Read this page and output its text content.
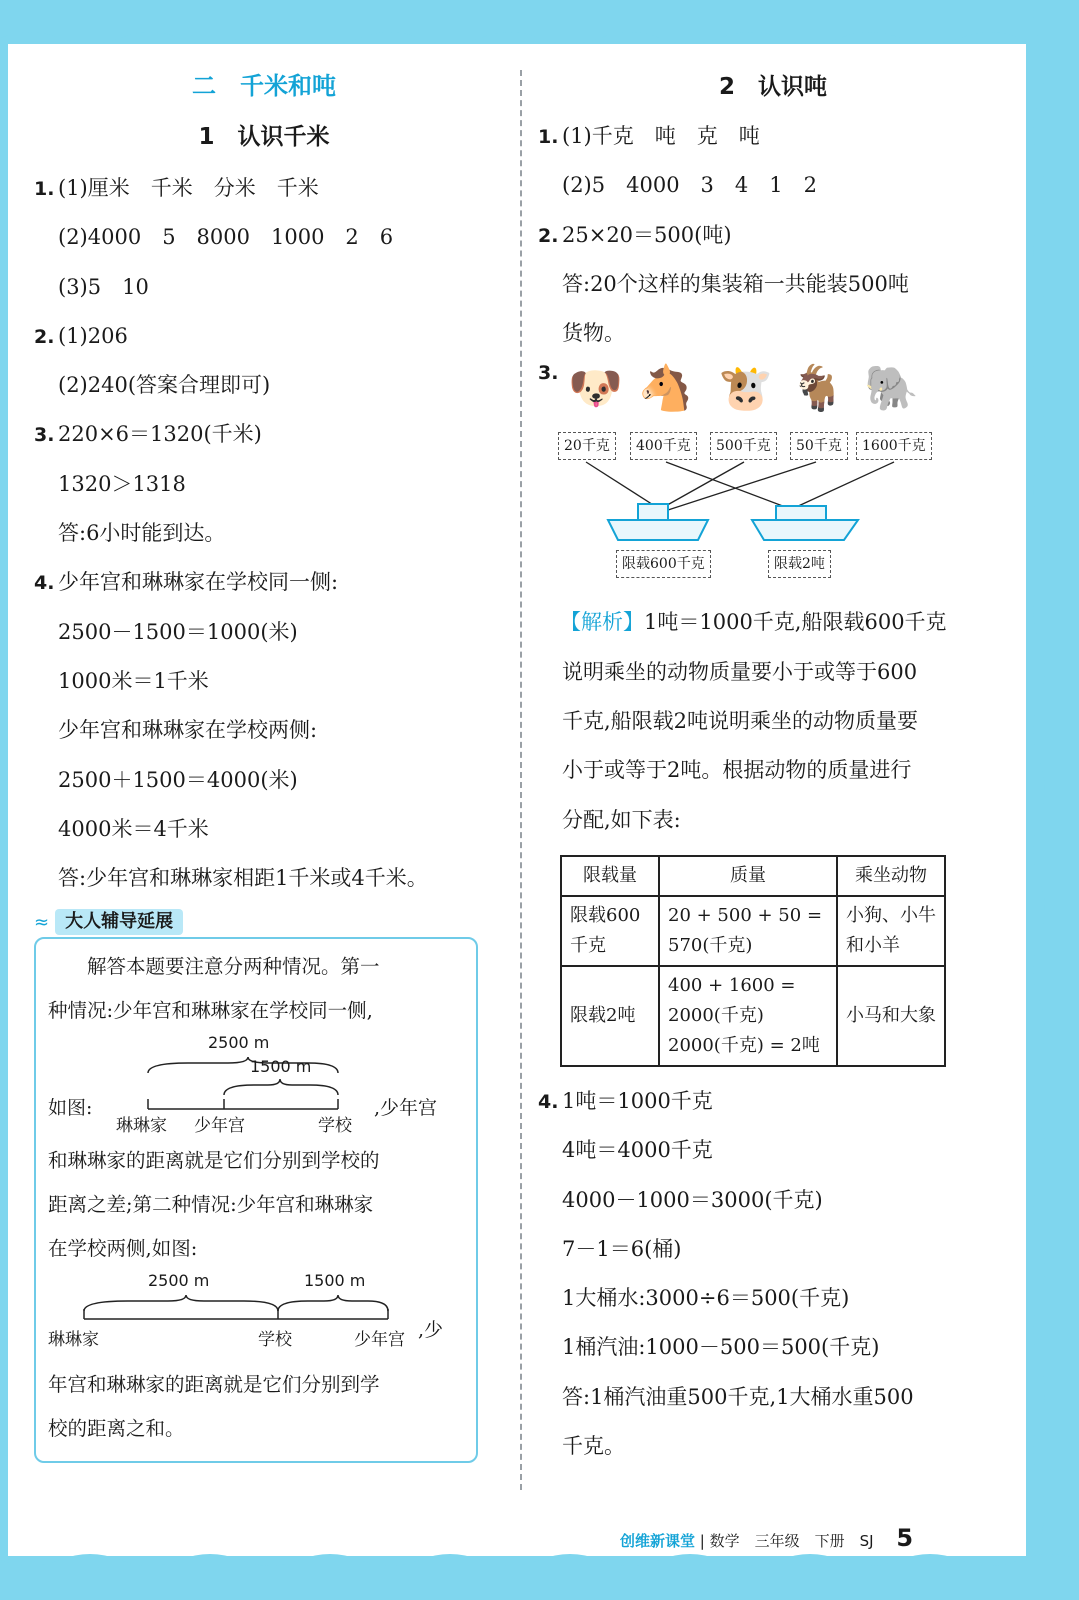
二　千米和吨
1　认识千米
1. (1)厘米　千米　分米　千米
(2)4000　5　8000　1000　2　6
(3)5　10
2. (1)206
(2)240(答案合理即可)
3. 220×6＝1320(千米)
1320＞1318
答:6小时能到达。
4. 少年宫和琳琳家在学校同一侧:
2500－1500＝1000(米)
1000米＝1千米
少年宫和琳琳家在学校两侧:
2500＋1500＝4000(米)
4000米＝4千米
答:少年宫和琳琳家相距1千米或4千米。
≈ 大人辅导延展
　　解答本题要注意分两种情况。第一
种情况:少年宫和琳琳家在学校同一侧,
2500 m
1500 m
如图:
琳琳家 少年宫	学校
,少年宫
和琳琳家的距离就是它们分别到学校的
距离之差;第二种情况:少年宫和琳琳家
在学校两侧,如图:
2500 m	1500 m
琳琳家	学校	少年宫 ,少
年宫和琳琳家的距离就是它们分别到学
校的距离之和。
2　认识吨
1. (1)千克　吨　克　吨
(2)5　4000　3　4　1　2
2. 25×20＝500(吨)
答:20个这样的集装箱一共能装500吨
货物。
3. 🐶 🐴 🐮 🐐 🐘
20千克	400千克	500千克	50千克	1600千克
限载600千克	限载2吨
【解析】1吨＝1000千克,船限载600千克
说明乘坐的动物质量要小于或等于600
千克,船限载2吨说明乘坐的动物质量要
小于或等于2吨。根据动物的质量进行
分配,如下表:
限载量	质量	乘坐动物
限载600千克	20 + 500 + 50 = 570(千克)	小狗、小牛和小羊
限载2吨	400 + 1600 = 2000(千克) 2000(千克) = 2吨	小马和大象
4. 1吨＝1000千克
4吨＝4000千克
4000－1000＝3000(千克)
7－1＝6(桶)
1大桶水:3000÷6＝500(千克)
1桶汽油:1000－500＝500(千克)
答:1桶汽油重500千克,1大桶水重500
千克。
创维新课堂 | 数学　三年级　下册　SJ 5
